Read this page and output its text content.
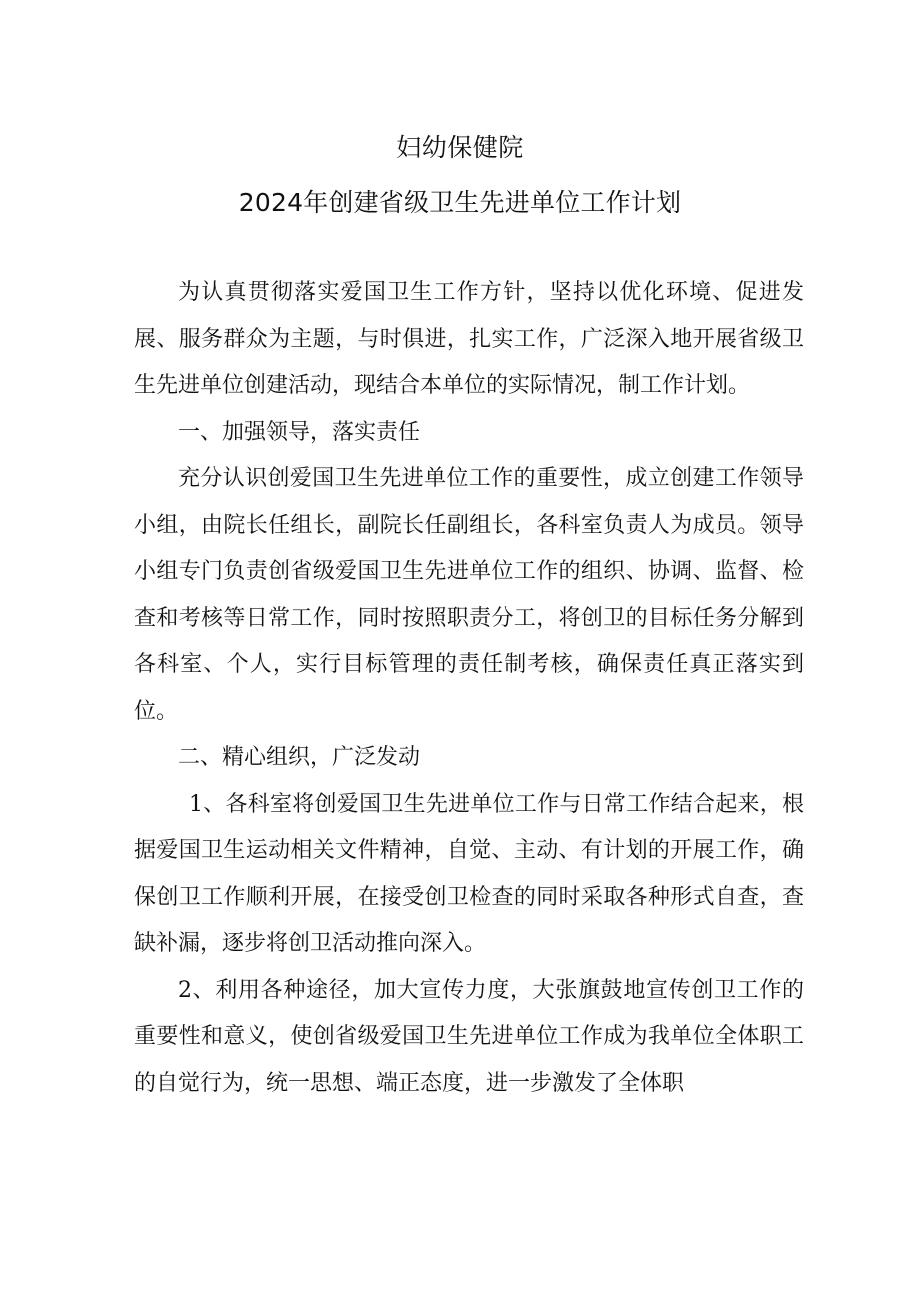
妇幼保健院
2024年创建省级卫生先进单位工作计划

为认真贯彻落实爱国卫生工作方针，坚持以优化环境、促进发展、服务群众为主题，与时俱进，扎实工作，广泛深入地开展省级卫生先进单位创建活动，现结合本单位的实际情况，制工作计划。

一、加强领导，落实责任

充分认识创爱国卫生先进单位工作的重要性，成立创建工作领导小组，由院长任组长，副院长任副组长，各科室负责人为成员。领导小组专门负责创省级爱国卫生先进单位工作的组织、协调、监督、检查和考核等日常工作，同时按照职责分工，将创卫的目标任务分解到各科室、个人，实行目标管理的责任制考核，确保责任真正落实到位。

二、精心组织，广泛发动

1、各科室将创爱国卫生先进单位工作与日常工作结合起来，根据爱国卫生运动相关文件精神，自觉、主动、有计划的开展工作，确保创卫工作顺利开展，在接受创卫检查的同时采取各种形式自查，查缺补漏，逐步将创卫活动推向深入。

2、利用各种途径，加大宣传力度，大张旗鼓地宣传创卫工作的重要性和意义，使创省级爱国卫生先进单位工作成为我单位全体职工的自觉行为，统一思想、端正态度，进一步激发了全体职
